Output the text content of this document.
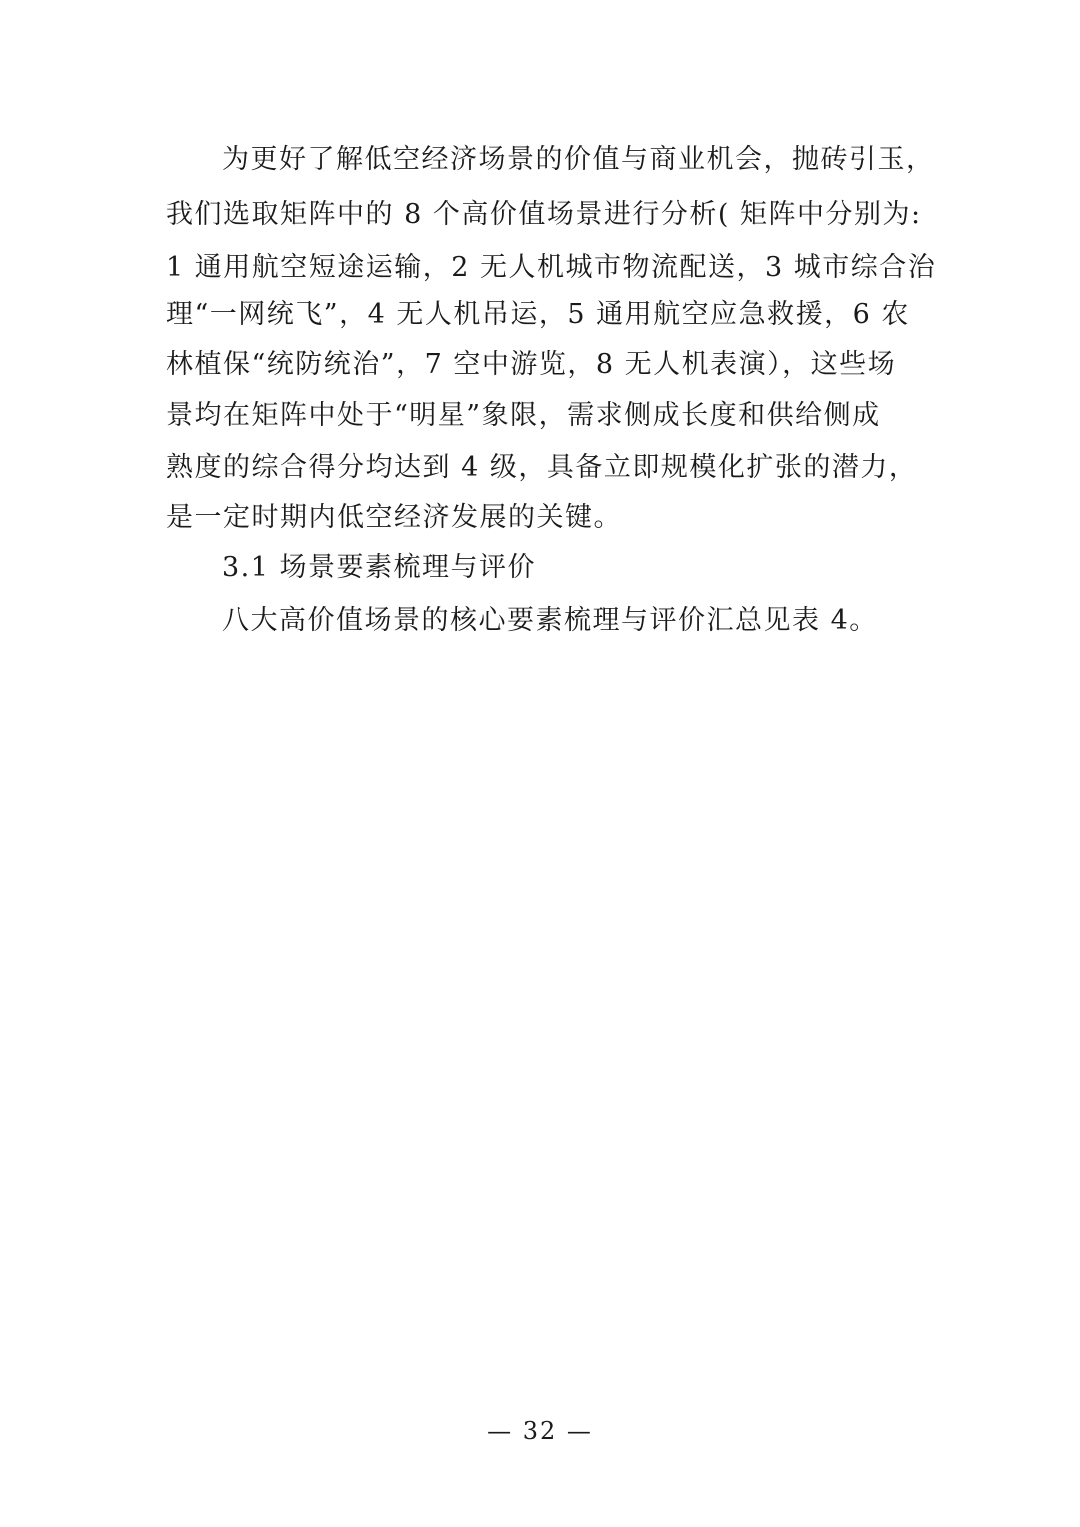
为更好了解低空经济场景的价值与商业机会，抛砖引玉，
我们选取矩阵中的 8 个高价值场景进行分析( 矩阵中分别为:
1 通用航空短途运输，2 无人机城市物流配送，3 城市综合治
理“一网统飞”，4 无人机吊运，5 通用航空应急救援，6 农
林植保“统防统治”，7 空中游览，8 无人机表演），这些场
景均在矩阵中处于“明星”象限，需求侧成长度和供给侧成
熟度的综合得分均达到 4 级，具备立即规模化扩张的潜力，
是一定时期内低空经济发展的关键。
3.1 场景要素梳理与评价
八大高价值场景的核心要素梳理与评价汇总见表 4。
— 32 —
